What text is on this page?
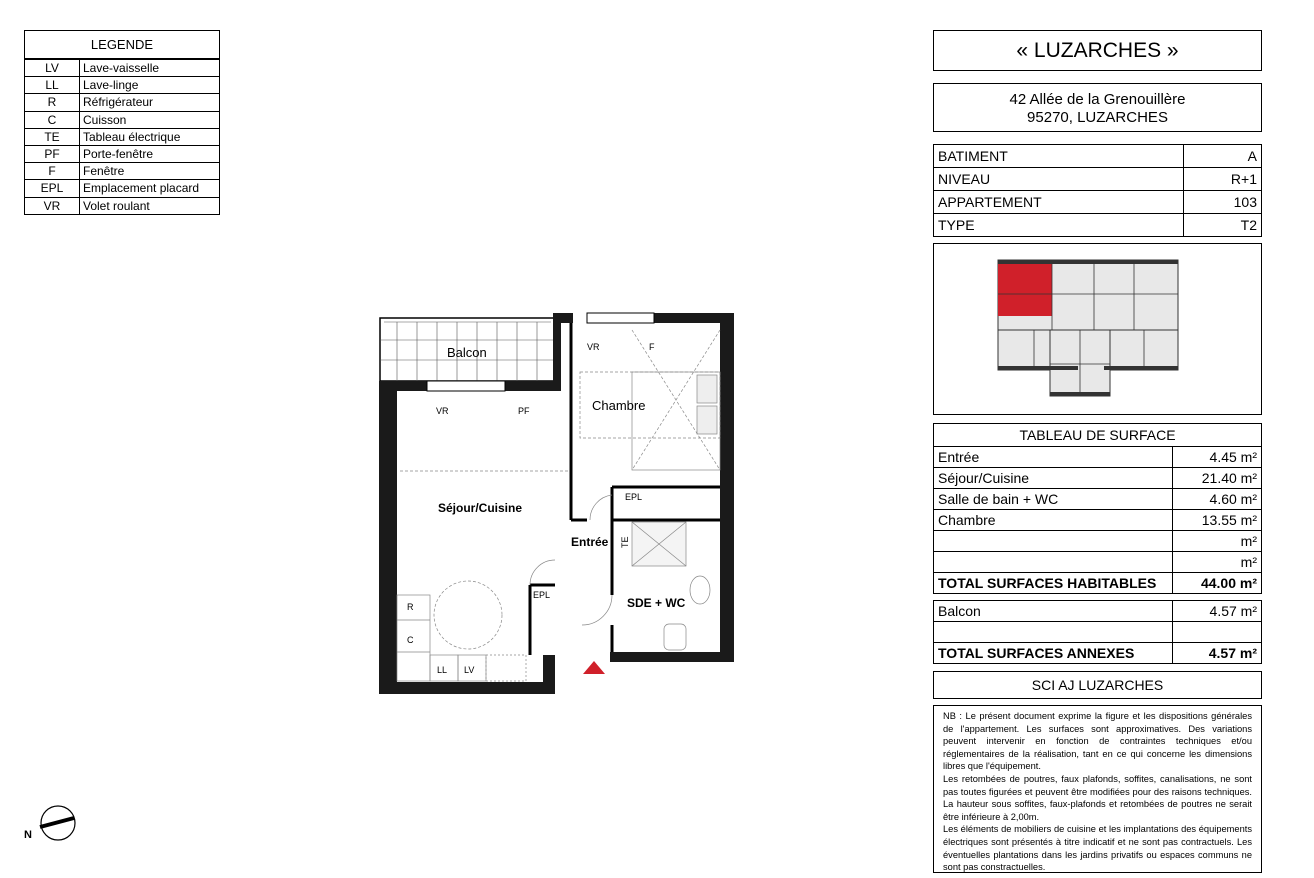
LEGENDE
LV	Lave-vaisselle
LL	Lave-linge
R	Réfrigérateur
C	Cuisson
TE	Tableau électrique
PF	Porte-fenêtre
F	Fenêtre
EPL	Emplacement placard
VR	Volet roulant
Balcon
Chambre
Séjour/Cuisine
Entrée
SDE + WC
VR	F
VR	PF
EPL
EPL
TE
R
C
LL LV
N
« LUZARCHES »
42 Allée de la Grenouillère
95270, LUZARCHES
BATIMENT	A
NIVEAU	R+1
APPARTEMENT	103
TYPE	T2
TABLEAU DE SURFACE	
Entrée	4.45 m²
Séjour/Cuisine	21.40 m²
Salle de bain + WC	4.60 m²
Chambre	13.55 m²
	m²
	m²
TOTAL SURFACES HABITABLES	44.00 m²
Balcon	4.57 m²

TOTAL SURFACES ANNEXES	4.57 m²
SCI AJ LUZARCHES

NB : Le présent document exprime la figure et les dispositions générales de l'appartement. Les surfaces sont approximatives. Des variations peuvent intervenir en fonction de contraintes techniques et/ou réglementaires de la réalisation, tant en ce qui concerne les dimensions libres que l'équipement.

Les retombées de poutres, faux plafonds, soffites, canalisations, ne sont pas toutes figurées et peuvent être modifiées pour des raisons techniques. La hauteur sous soffites, faux-plafonds et retombées de poutres ne serait être inférieure à 2,00m.

Les éléments de mobiliers de cuisine et les implantations des équipements électriques sont présentés à titre indicatif et ne sont pas contractuels. Les éventuelles plantations dans les jardins privatifs ou espaces communs ne sont pas constractuelles.
